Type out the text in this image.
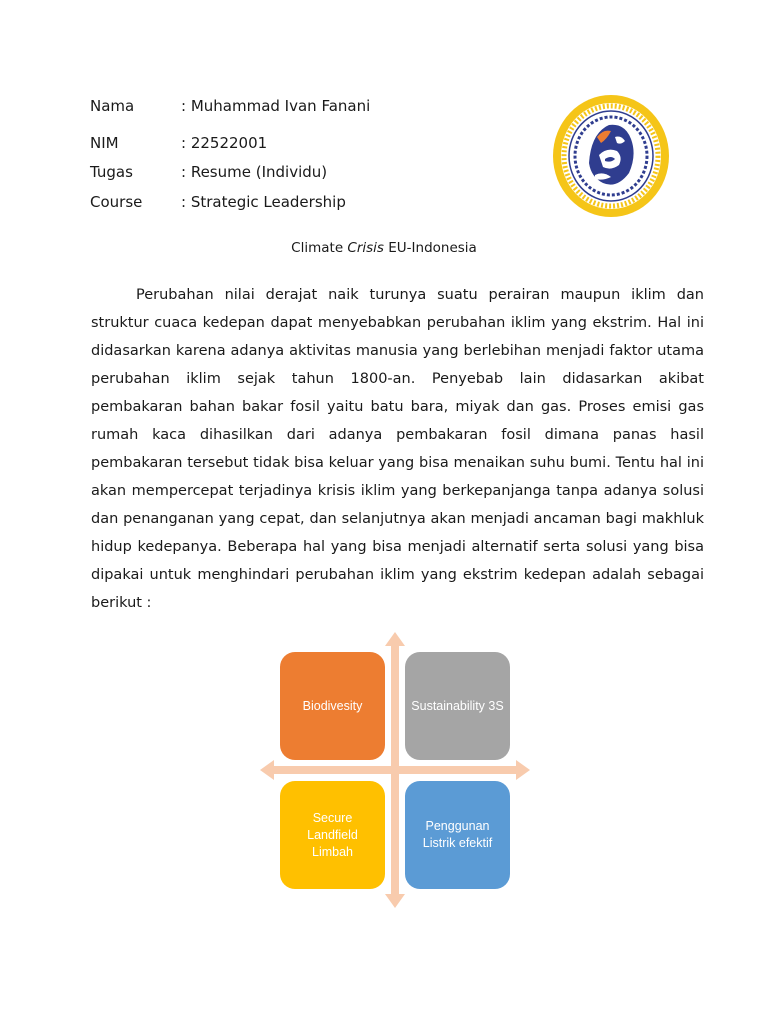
Nama	: Muhammad Ivan Fanani
NIM	: 22522001
Tugas	: Resume (Individu)
Course	: Strategic Leadership
Climate Crisis EU-Indonesia

Perubahan nilai derajat naik turunya suatu perairan maupun iklim dan struktur cuaca kedepan dapat menyebabkan perubahan iklim yang ekstrim. Hal ini didasarkan karena adanya aktivitas manusia yang berlebihan menjadi faktor utama perubahan iklim sejak tahun 1800-an. Penyebab lain didasarkan akibat pembakaran bahan bakar fosil yaitu batu bara, miyak dan gas. Proses emisi gas rumah kaca dihasilkan dari adanya pembakaran fosil dimana panas hasil pembakaran tersebut tidak bisa keluar yang bisa menaikan suhu bumi. Tentu hal ini akan mempercepat terjadinya krisis iklim yang berkepanjanga tanpa adanya solusi dan penanganan yang cepat, dan selanjutnya akan menjadi ancaman bagi makhluk hidup kedepanya. Beberapa hal yang bisa menjadi alternatif serta solusi yang bisa dipakai untuk menghindari perubahan iklim yang ekstrim kedepan adalah sebagai berikut :

Biodivesity	Sustainability 3S
Secure Landfield Limbah
Penggunan Listrik efektif
